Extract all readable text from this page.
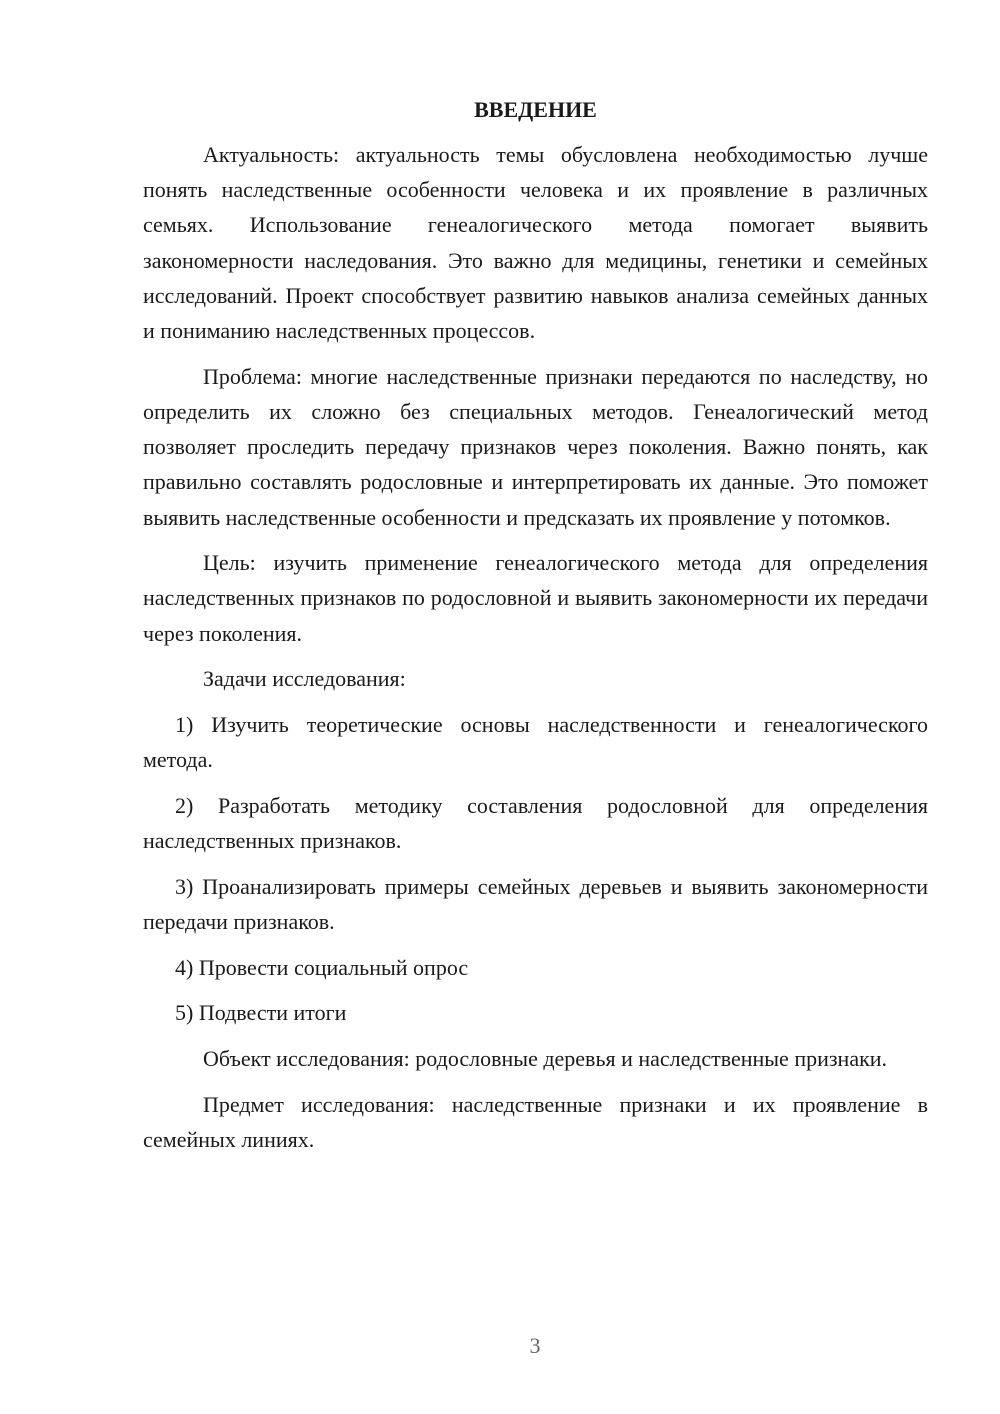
ВВЕДЕНИЕ

Актуальность: актуальность темы обусловлена необходимостью лучше понять наследственные особенности человека и их проявление в различных семьях. Использование генеалогического метода помогает выявить закономерности наследования. Это важно для медицины, генетики и семейных исследований. Проект способствует развитию навыков анализа семейных данных и пониманию наследственных процессов.

Проблема: многие наследственные признаки передаются по наследству, но определить их сложно без специальных методов. Генеалогический метод позволяет проследить передачу признаков через поколения. Важно понять, как правильно составлять родословные и интерпретировать их данные. Это поможет выявить наследственные особенности и предсказать их проявление у потомков.

Цель: изучить применение генеалогического метода для определения наследственных признаков по родословной и выявить закономерности их передачи через поколения.

Задачи исследования:

1) Изучить теоретические основы наследственности и генеалогического метода.

2) Разработать методику составления родословной для определения наследственных признаков.

3) Проанализировать примеры семейных деревьев и выявить закономерности передачи признаков.

4) Провести социальный опрос

5) Подвести итоги

Объект исследования: родословные деревья и наследственные признаки.

Предмет исследования: наследственные признаки и их проявление в семейных линиях.

3
